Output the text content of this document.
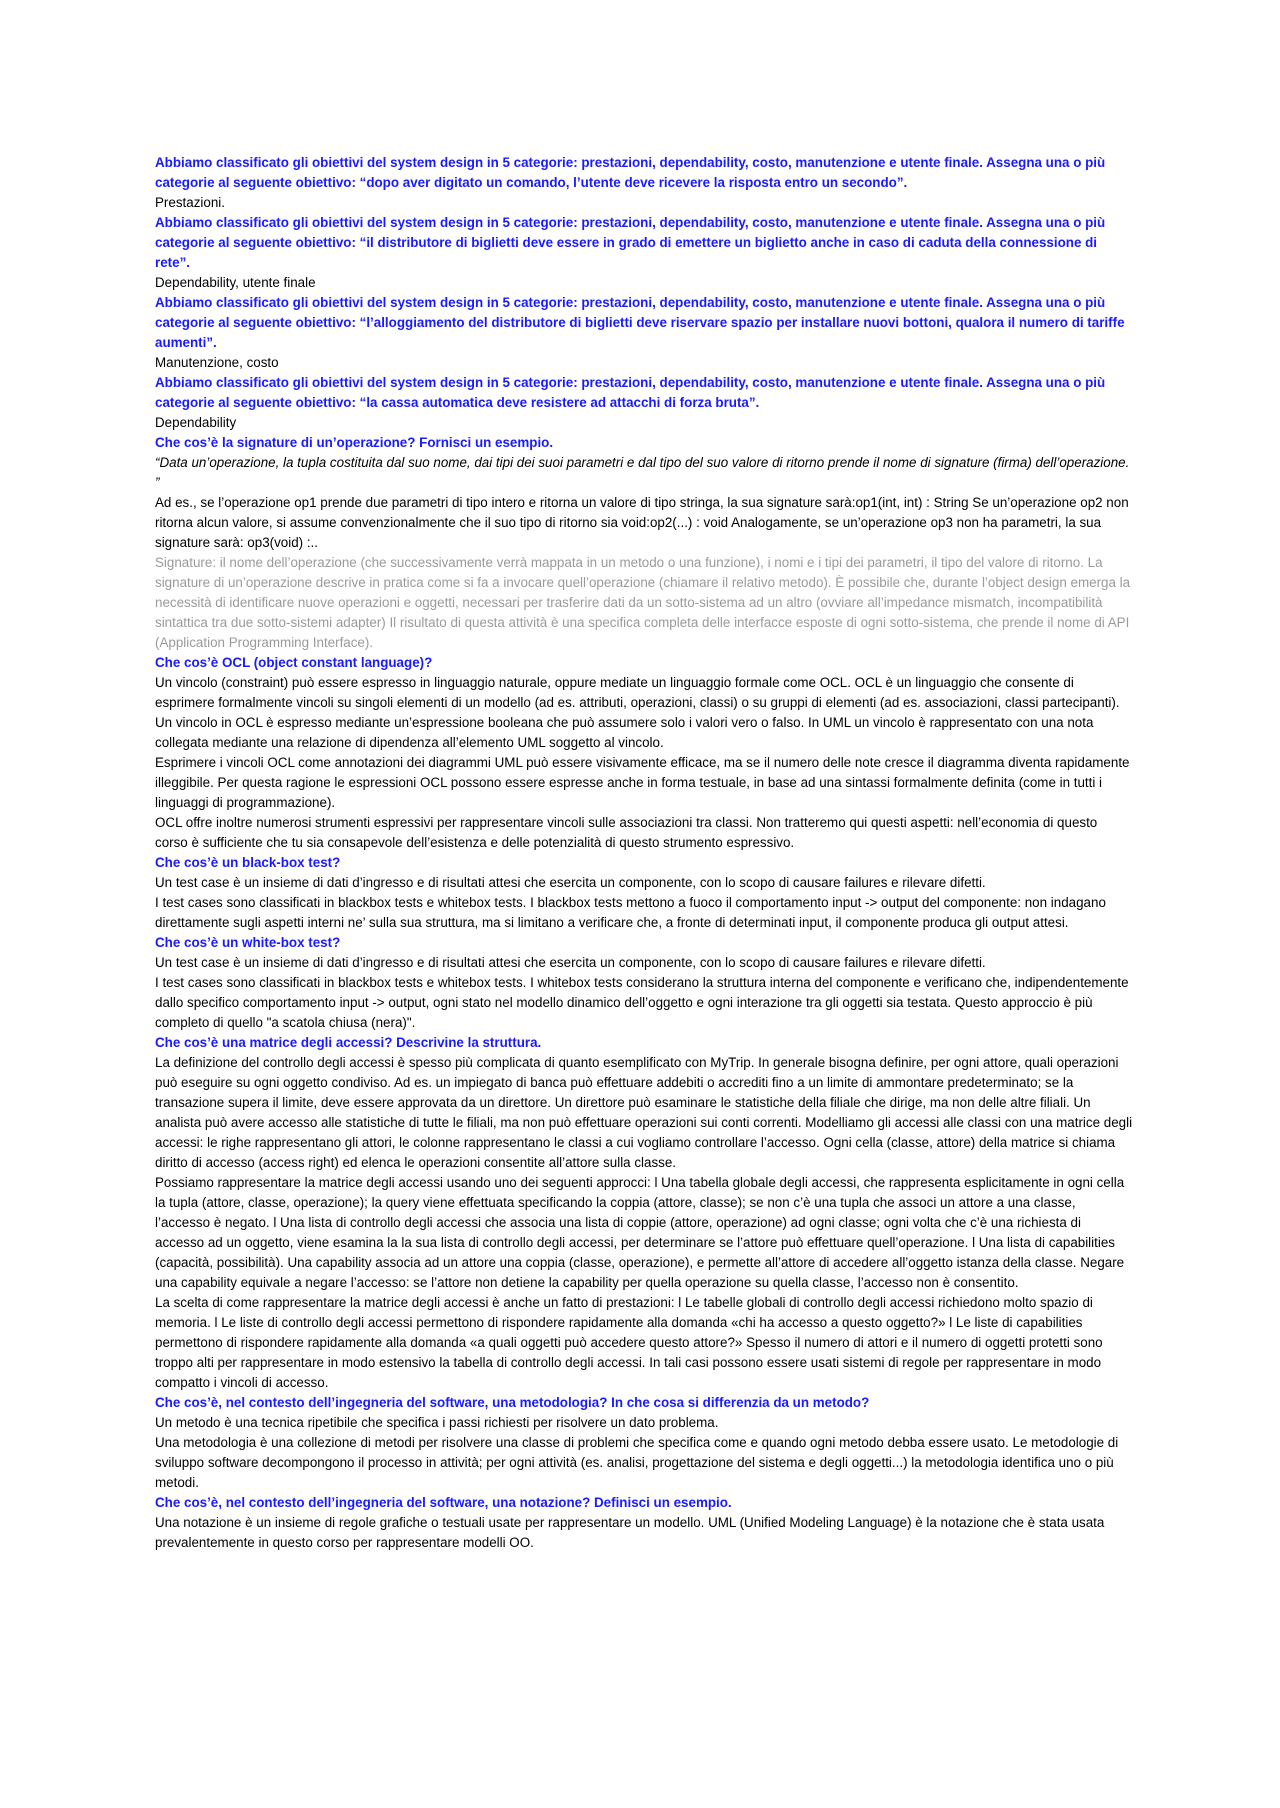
Abbiamo classificato gli obiettivi del system design in 5 categorie: prestazioni, dependability, costo, manutenzione e utente finale. Assegna una o più categorie al seguente obiettivo: “dopo aver digitato un comando, l’utente deve ricevere la risposta entro un secondo”.

Prestazioni.

Abbiamo classificato gli obiettivi del system design in 5 categorie: prestazioni, dependability, costo, manutenzione e utente finale. Assegna una o più categorie al seguente obiettivo: “il distributore di biglietti deve essere in grado di emettere un biglietto anche in caso di caduta della connessione di rete”.

Dependability, utente finale

Abbiamo classificato gli obiettivi del system design in 5 categorie: prestazioni, dependability, costo, manutenzione e utente finale. Assegna una o più categorie al seguente obiettivo: “l’alloggiamento del distributore di biglietti deve riservare spazio per installare nuovi bottoni, qualora il numero di tariffe aumenti”.

Manutenzione, costo

Abbiamo classificato gli obiettivi del system design in 5 categorie: prestazioni, dependability, costo, manutenzione e utente finale. Assegna una o più categorie al seguente obiettivo: “la cassa automatica deve resistere ad attacchi di forza bruta”.

Dependability

Che cos’è la signature di un’operazione? Fornisci un esempio.

“Data un’operazione, la tupla costituita dal suo nome, dai tipi dei suoi parametri e dal tipo del suo valore di ritorno prende il nome di signature (firma) dell’operazione. ”

Ad es., se l’operazione op1 prende due parametri di tipo intero e ritorna un valore di tipo stringa, la sua signature sarà:op1(int, int) : String Se un’operazione op2 non ritorna alcun valore, si assume convenzionalmente che il suo tipo di ritorno sia void:op2(...) : void Analogamente, se un’operazione op3 non ha parametri, la sua signature sarà: op3(void) :..

Signature: il nome dell’operazione (che successivamente verrà mappata in un metodo o una funzione), i nomi e i tipi dei parametri, il tipo del valore di ritorno. La signature di un’operazione descrive in pratica come si fa a invocare quell’operazione (chiamare il relativo metodo). È possibile che, durante l’object design emerga la necessità di identificare nuove operazioni e oggetti, necessari per trasferire dati da un sotto-sistema ad un altro (ovviare all’impedance mismatch, incompatibilità sintattica tra due sotto-sistemi adapter) Il risultato di questa attività è una specifica completa delle interfacce esposte di ogni sotto-sistema, che prende il nome di API (Application Programming Interface).

Che cos’è OCL (object constant language)?

Un vincolo (constraint) può essere espresso in linguaggio naturale, oppure mediate un linguaggio formale come OCL. OCL è un linguaggio che consente di esprimere formalmente vincoli su singoli elementi di un modello (ad es. attributi, operazioni, classi) o su gruppi di elementi (ad es. associazioni, classi partecipanti). Un vincolo in OCL è espresso mediante un’espressione booleana che può assumere solo i valori vero o falso. In UML un vincolo è rappresentato con una nota collegata mediante una relazione di dipendenza all’elemento UML soggetto al vincolo.

Esprimere i vincoli OCL come annotazioni dei diagrammi UML può essere visivamente efficace, ma se il numero delle note cresce il diagramma diventa rapidamente illeggibile. Per questa ragione le espressioni OCL possono essere espresse anche in forma testuale, in base ad una sintassi formalmente definita (come in tutti i linguaggi di programmazione).

OCL offre inoltre numerosi strumenti espressivi per rappresentare vincoli sulle associazioni tra classi. Non tratteremo qui questi aspetti: nell’economia di questo corso è sufficiente che tu sia consapevole dell’esistenza e delle potenzialità di questo strumento espressivo.

Che cos’è un black-box test?

Un test case è un insieme di dati d’ingresso e di risultati attesi che esercita un componente, con lo scopo di causare failures e rilevare difetti.

I test cases sono classificati in blackbox tests e whitebox tests. I blackbox tests mettono a fuoco il comportamento input -> output del componente: non indagano direttamente sugli aspetti interni ne’ sulla sua struttura, ma si limitano a verificare che, a fronte di determinati input, il componente produca gli output attesi.

Che cos’è un white-box test?

Un test case è un insieme di dati d’ingresso e di risultati attesi che esercita un componente, con lo scopo di causare failures e rilevare difetti.

I test cases sono classificati in blackbox tests e whitebox tests. I whitebox tests considerano la struttura interna del componente e verificano che, indipendentemente dallo specifico comportamento input -> output, ogni stato nel modello dinamico dell’oggetto e ogni interazione tra gli oggetti sia testata. Questo approccio è più completo di quello "a scatola chiusa (nera)".

Che cos’è una matrice degli accessi? Descrivine la struttura.

La definizione del controllo degli accessi è spesso più complicata di quanto esemplificato con MyTrip. In generale bisogna definire, per ogni attore, quali operazioni può eseguire su ogni oggetto condiviso. Ad es. un impiegato di banca può effettuare addebiti o accrediti fino a un limite di ammontare predeterminato; se la transazione supera il limite, deve essere approvata da un direttore. Un direttore può esaminare le statistiche della filiale che dirige, ma non delle altre filiali. Un analista può avere accesso alle statistiche di tutte le filiali, ma non può effettuare operazioni sui conti correnti. Modelliamo gli accessi alle classi con una matrice degli accessi: le righe rappresentano gli attori, le colonne rappresentano le classi a cui vogliamo controllare l’accesso. Ogni cella (classe, attore) della matrice si chiama diritto di accesso (access right) ed elenca le operazioni consentite all’attore sulla classe.

Possiamo rappresentare la matrice degli accessi usando uno dei seguenti approcci: l Una tabella globale degli accessi, che rappresenta esplicitamente in ogni cella la tupla (attore, classe, operazione); la query viene effettuata specificando la coppia (attore, classe); se non c’è una tupla che associ un attore a una classe, l’accesso è negato. l Una lista di controllo degli accessi che associa una lista di coppie (attore, operazione) ad ogni classe; ogni volta che c’è una richiesta di accesso ad un oggetto, viene esamina la la sua lista di controllo degli accessi, per determinare se l’attore può effettuare quell’operazione. l Una lista di capabilities (capacità, possibilità). Una capability associa ad un attore una coppia (classe, operazione), e permette all’attore di accedere all’oggetto istanza della classe. Negare una capability equivale a negare l’accesso: se l’attore non detiene la capability per quella operazione su quella classe, l’accesso non è consentito.

La scelta di come rappresentare la matrice degli accessi è anche un fatto di prestazioni: l Le tabelle globali di controllo degli accessi richiedono molto spazio di memoria. l Le liste di controllo degli accessi permettono di rispondere rapidamente alla domanda «chi ha accesso a questo oggetto?» l Le liste di capabilities permettono di rispondere rapidamente alla domanda «a quali oggetti può accedere questo attore?» Spesso il numero di attori e il numero di oggetti protetti sono troppo alti per rappresentare in modo estensivo la tabella di controllo degli accessi. In tali casi possono essere usati sistemi di regole per rappresentare in modo compatto i vincoli di accesso.

Che cos’è, nel contesto dell’ingegneria del software, una metodologia? In che cosa si differenzia da un metodo?

Un metodo è una tecnica ripetibile che specifica i passi richiesti per risolvere un dato problema.

Una metodologia è una collezione di metodi per risolvere una classe di problemi che specifica come e quando ogni metodo debba essere usato. Le metodologie di sviluppo software decompongono il processo in attività; per ogni attività (es. analisi, progettazione del sistema e degli oggetti...) la metodologia identifica uno o più metodi.

Che cos’è, nel contesto dell’ingegneria del software, una notazione? Definisci un esempio.

Una notazione è un insieme di regole grafiche o testuali usate per rappresentare un modello. UML (Unified Modeling Language) è la notazione che è stata usata prevalentemente in questo corso per rappresentare modelli OO.
